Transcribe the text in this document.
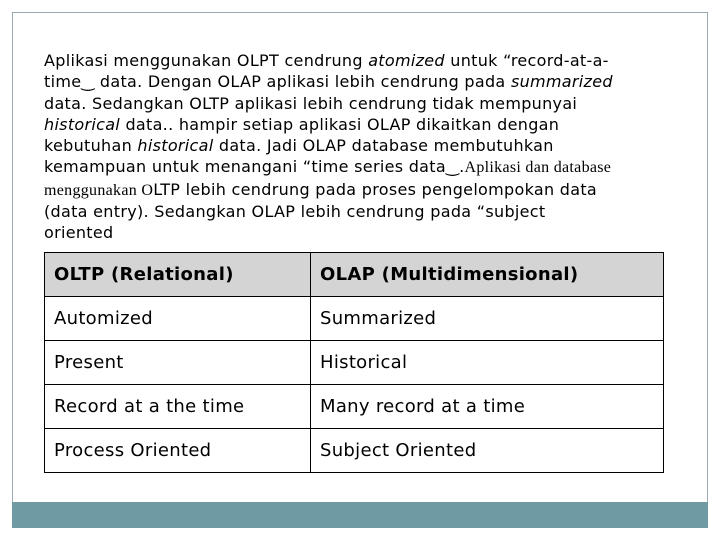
Aplikasi menggunakan OLPT cendrung atomized untuk “record-at-a-
time‿ data. Dengan OLAP aplikasi lebih cendrung pada summarized
data. Sedangkan OLTP aplikasi lebih cendrung tidak mempunyai
historical data.. hampir setiap aplikasi OLAP dikaitkan dengan
kebutuhan historical data. Jadi OLAP database membutuhkan
kemampuan untuk menangani “time series data‿.Aplikasi dan database
menggunakan OLTP lebih cendrung pada proses pengelompokan data
(data entry). Sedangkan OLAP lebih cendrung pada “subject
oriented
OLTP (Relational)	OLAP (Multidimensional)
Automized	Summarized
Present	Historical
Record at a the time	Many record at a time
Process Oriented	Subject Oriented
